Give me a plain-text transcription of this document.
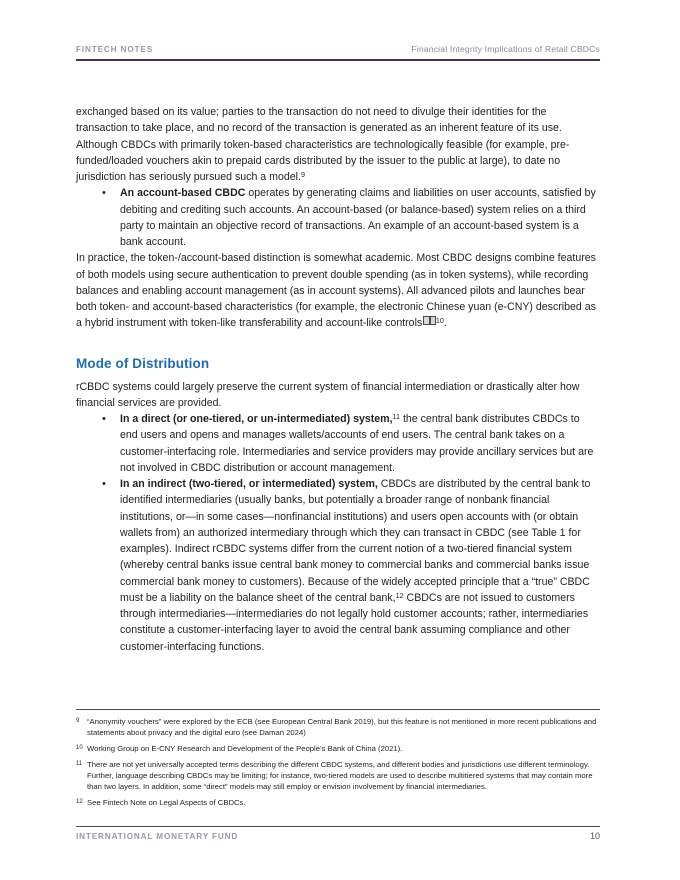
FINTECH NOTES	Financial Integrity Implications of Retail CBDCs

exchanged based on its value; parties to the transaction do not need to divulge their identities for the transaction to take place, and no record of the transaction is generated as an inherent feature of its use. Although CBDCs with primarily token-based characteristics are technologically feasible (for example, pre-funded/loaded vouchers akin to prepaid cards distributed by the issuer to the public at large), to date no jurisdiction has seriously pursued such a model.$^9$

•	An account-based CBDC operates by generating claims and liabilities on user accounts, satisfied by debiting and crediting such accounts. An account-based (or balance-based) system relies on a third party to maintain an objective record of transactions. An example of an account-based system is a bank account.

In practice, the token-/account-based distinction is somewhat academic. Most CBDC designs combine features of both models using secure authentication to prevent double spending (as in token systems), while recording balances and enabling account management (as in account systems). All advanced pilots and launches bear both token- and account-based characteristics (for example, the electronic Chinese yuan (e-CNY) described as a hybrid instrument with token-like transferability and account-like controls $^{10}$.

Mode of Distribution

rCBDC systems could largely preserve the current system of financial intermediation or drastically alter how financial services are provided.

•	In a direct (or one-tiered, or un-intermediated) system,$^{11}$ the central bank distributes CBDCs to end users and opens and manages wallets/accounts of end users. The central bank takes on a customer-interfacing role. Intermediaries and service providers may provide ancillary services but are not involved in CBDC distribution or account management.
•	In an indirect (two-tiered, or intermediated) system, CBDCs are distributed by the central bank to identified intermediaries (usually banks, but potentially a broader range of nonbank financial institutions, or—in some cases—nonfinancial institutions) and users open accounts with (or obtain wallets from) an authorized intermediary through which they can transact in CBDC (see Table 1 for examples). Indirect rCBDC systems differ from the current notion of a two-tiered financial system (whereby central banks issue central bank money to commercial banks and commercial banks issue commercial bank money to customers). Because of the widely accepted principle that a “true” CBDC must be a liability on the balance sheet of the central bank,$^{12}$ CBDCs are not issued to customers through intermediaries—intermediaries do not legally hold customer accounts; rather, intermediaries constitute a customer-interfacing layer to avoid the central bank assuming compliance and other customer-interfacing functions.
9 “Anonymity vouchers” were explored by the ECB (see European Central Bank 2019), but this feature is not mentioned in more recent publications and statements about privacy and the digital euro (see Daman 2024)
10 Working Group on E-CNY Research and Development of the People’s Bank of China (2021).
11 There are not yet universally accepted terms describing the different CBDC systems, and different bodies and jurisdictions use different terminology. Further, language describing CBDCs may be limiting; for instance, two-tiered models are used to describe multitiered systems that may contain more than two layers. In addition, some “direct” models may still employ or envision involvement by financial intermediaries.
12 See Fintech Note on Legal Aspects of CBDCs.
INTERNATIONAL MONETARY FUND	10
